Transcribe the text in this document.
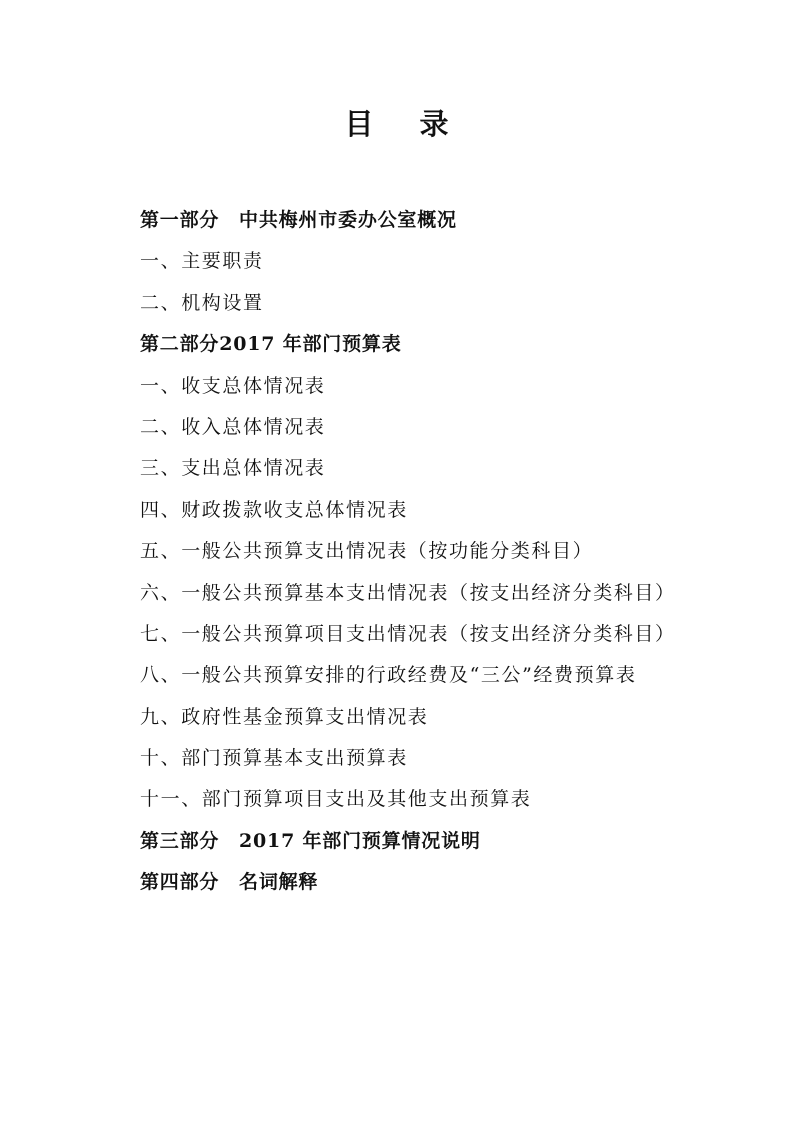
目 录
第一部分　 中共梅州市委办公室概况
一、主要职责
二、机构设置
第二部分2017 年部门预算表
一、收支总体情况表
二、收入总体情况表
三、支出总体情况表
四、财政拨款收支总体情况表
五、一般公共预算支出情况表（按功能分类科目）
六、一般公共预算基本支出情况表（按支出经济分类科目）
七、一般公共预算项目支出情况表（按支出经济分类科目）
八、一般公共预算安排的行政经费及“三公”经费预算表
九、政府性基金预算支出情况表
十、部门预算基本支出预算表
十一、部门预算项目支出及其他支出预算表
第三部分　 2017 年部门预算情况说明
第四部分　 名词解释
